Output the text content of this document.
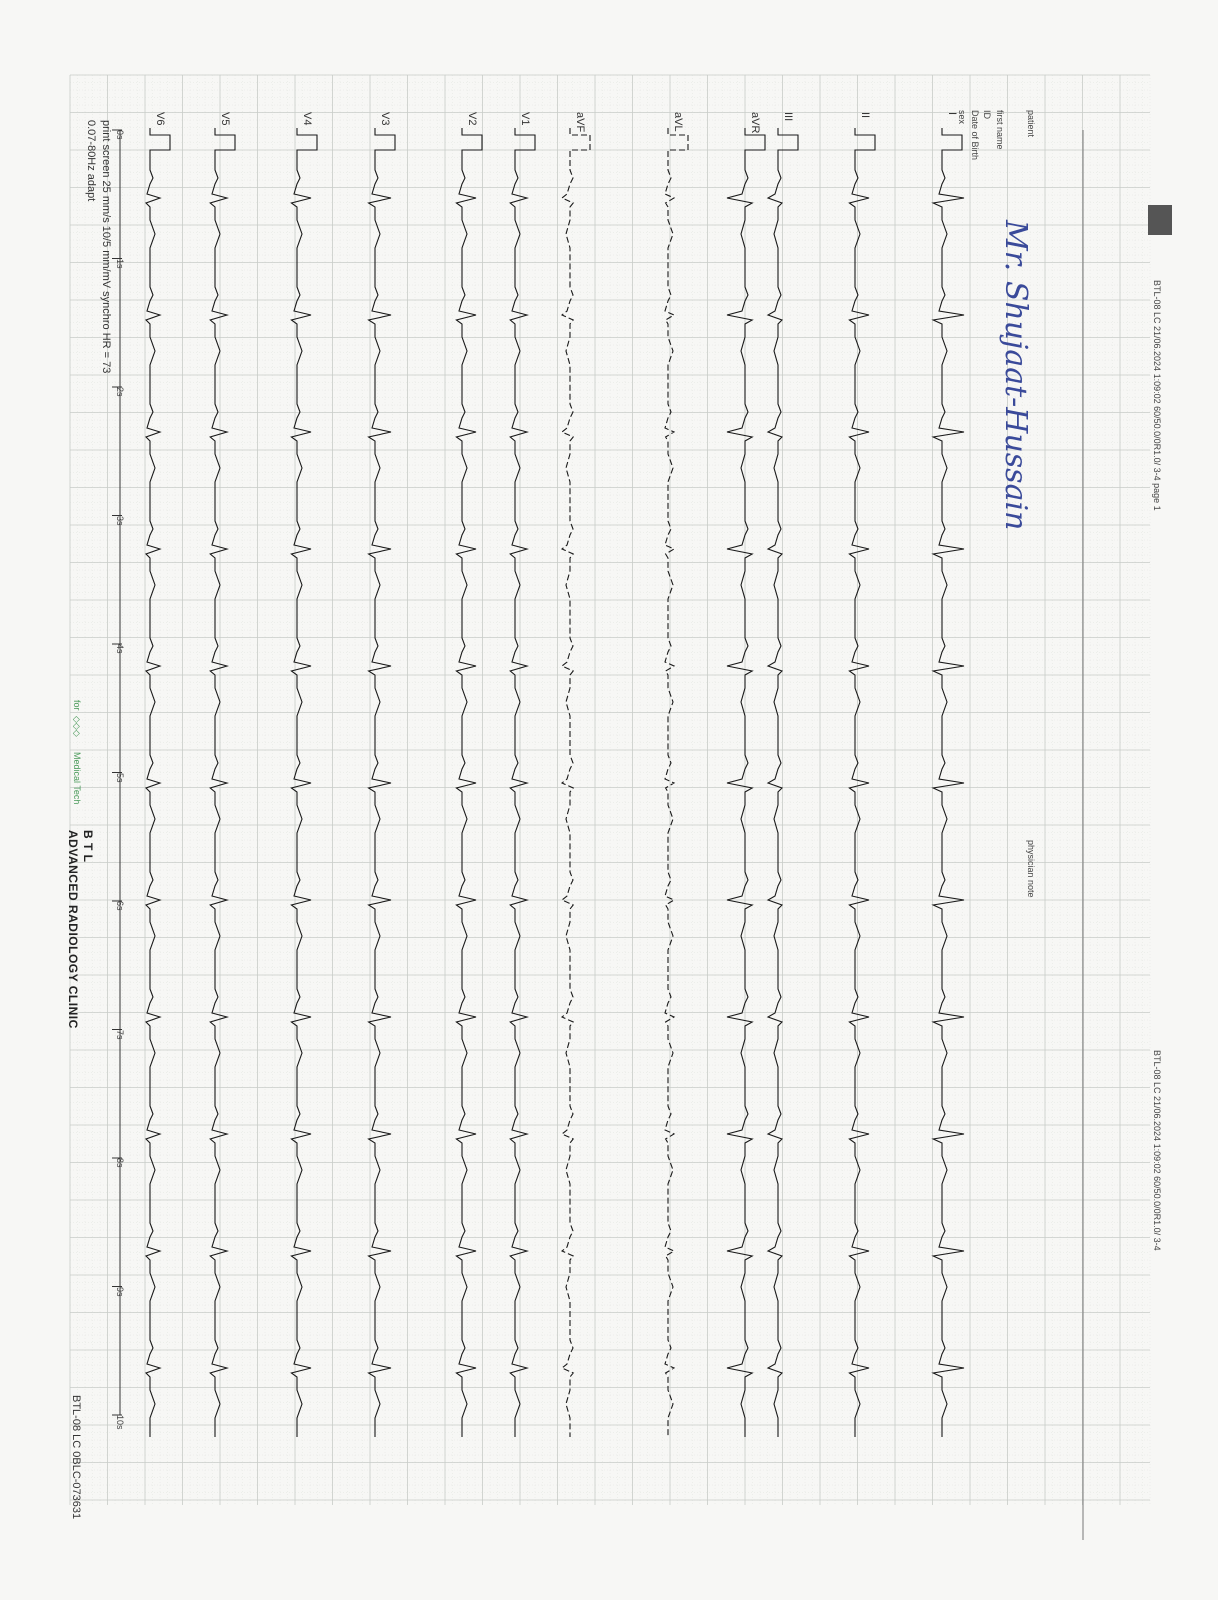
BTL-08 LC 21/06.2024 1:09:02 60/50.0/0R1.0/ 3-4 page 1
BTL-08 LC 21/06.2024 1:09:02 60/50.0/0R1.0/ 3-4
patient
first name
ID
Date of Birth
sex
Mr. Shujaat-Hussain
physician note
I
II
III
aVR
aVL
aVF
V1
V2
V3
V4
V5
V6
0s
1s
2s
3s
4s
5s
6s
7s
8s
9s
10s
print screen 25 mm/s 10/5 mm/mV synchro HR = 73
0.07-80Hz adapt
for
◇◇◇
Medical Tech
B T L
ADVANCED RADIOLOGY CLINIC
BTL-08 LC 0BLC-073631
